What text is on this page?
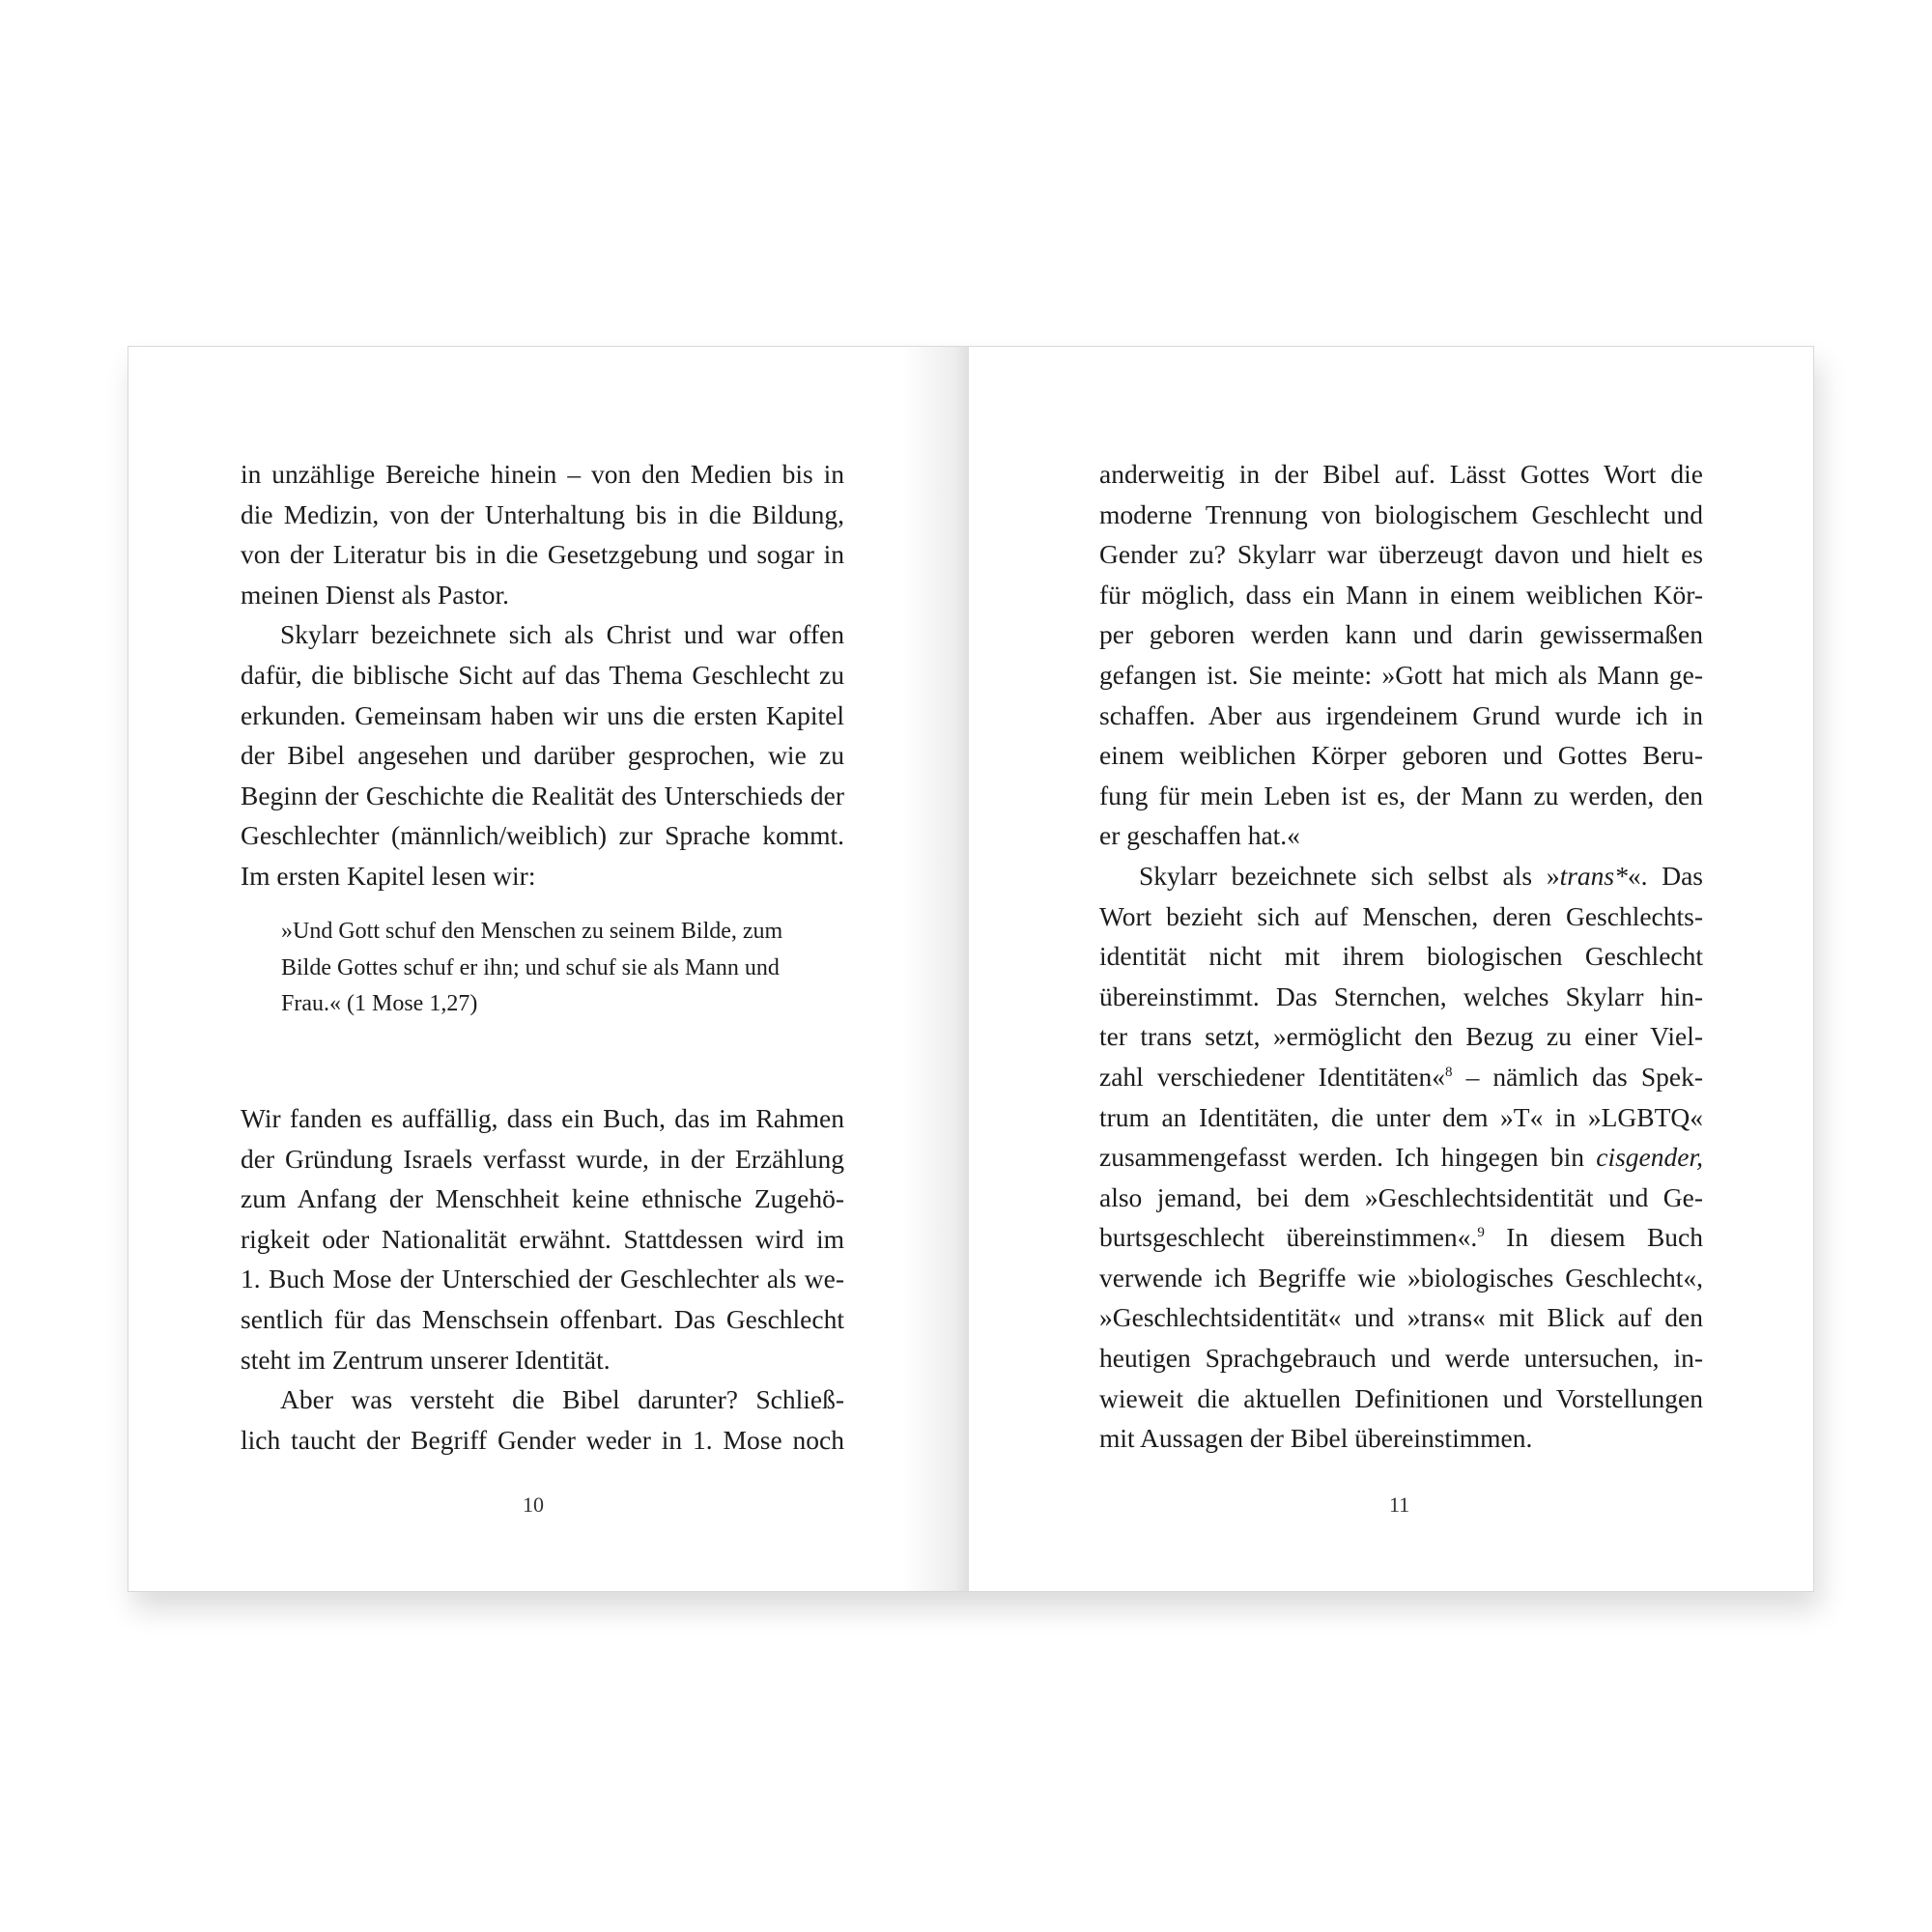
»Und Gott schuf den Menschen zu seinem Bilde, zum
Bilde Gottes schuf er ihn; und schuf sie als Mann und
Frau.« (1 Mose 1,27)
in unzählige Bereiche hinein – von den Medien bis in
die Medizin, von der Unterhaltung bis in die Bildung,
von der Literatur bis in die Gesetzgebung und sogar in
meinen Dienst als Pastor.
Skylarr bezeichnete sich als Christ und war offen
dafür, die biblische Sicht auf das Thema Geschlecht zu
erkunden. Gemeinsam haben wir uns die ersten Kapitel
der Bibel angesehen und darüber gesprochen, wie zu
Beginn der Geschichte die Realität des Unterschieds der
Geschlechter (männlich/weiblich) zur Sprache kommt.
Im ersten Kapitel lesen wir:
Wir fanden es auffällig, dass ein Buch, das im Rahmen
der Gründung Israels verfasst wurde, in der Erzählung
zum Anfang der Menschheit keine ethnische Zugehö-
rigkeit oder Nationalität erwähnt. Stattdessen wird im
1. Buch Mose der Unterschied der Geschlechter als we-
sentlich für das Menschsein offenbart. Das Geschlecht
steht im Zentrum unserer Identität.
Aber was versteht die Bibel darunter? Schließ-
lich taucht der Begriff Gender weder in 1. Mose noch
anderweitig in der Bibel auf. Lässt Gottes Wort die
moderne Trennung von biologischem Geschlecht und
Gender zu? Skylarr war überzeugt davon und hielt es
für möglich, dass ein Mann in einem weiblichen Kör-
per geboren werden kann und darin gewissermaßen
gefangen ist. Sie meinte: »Gott hat mich als Mann ge-
schaffen. Aber aus irgendeinem Grund wurde ich in
einem weiblichen Körper geboren und Gottes Beru-
fung für mein Leben ist es, der Mann zu werden, den
er geschaffen hat.«
Skylarr bezeichnete sich selbst als »trans*«. Das
Wort bezieht sich auf Menschen, deren Geschlechts-
identität nicht mit ihrem biologischen Geschlecht
übereinstimmt. Das Sternchen, welches Skylarr hin-
ter trans setzt, »ermöglicht den Bezug zu einer Viel-
zahl verschiedener Identitäten«$^8$ – nämlich das Spek-
trum an Identitäten, die unter dem »T« in »LGBTQ«
zusammengefasst werden. Ich hingegen bin cisgender,
also jemand, bei dem »Geschlechtsidentität und Ge-
burtsgeschlecht übereinstimmen«.$^9$ In diesem Buch
verwende ich Begriffe wie »biologisches Geschlecht«,
»Geschlechtsidentität« und »trans« mit Blick auf den
heutigen Sprachgebrauch und werde untersuchen, in-
wieweit die aktuellen Definitionen und Vorstellungen
mit Aussagen der Bibel übereinstimmen.
10	11
